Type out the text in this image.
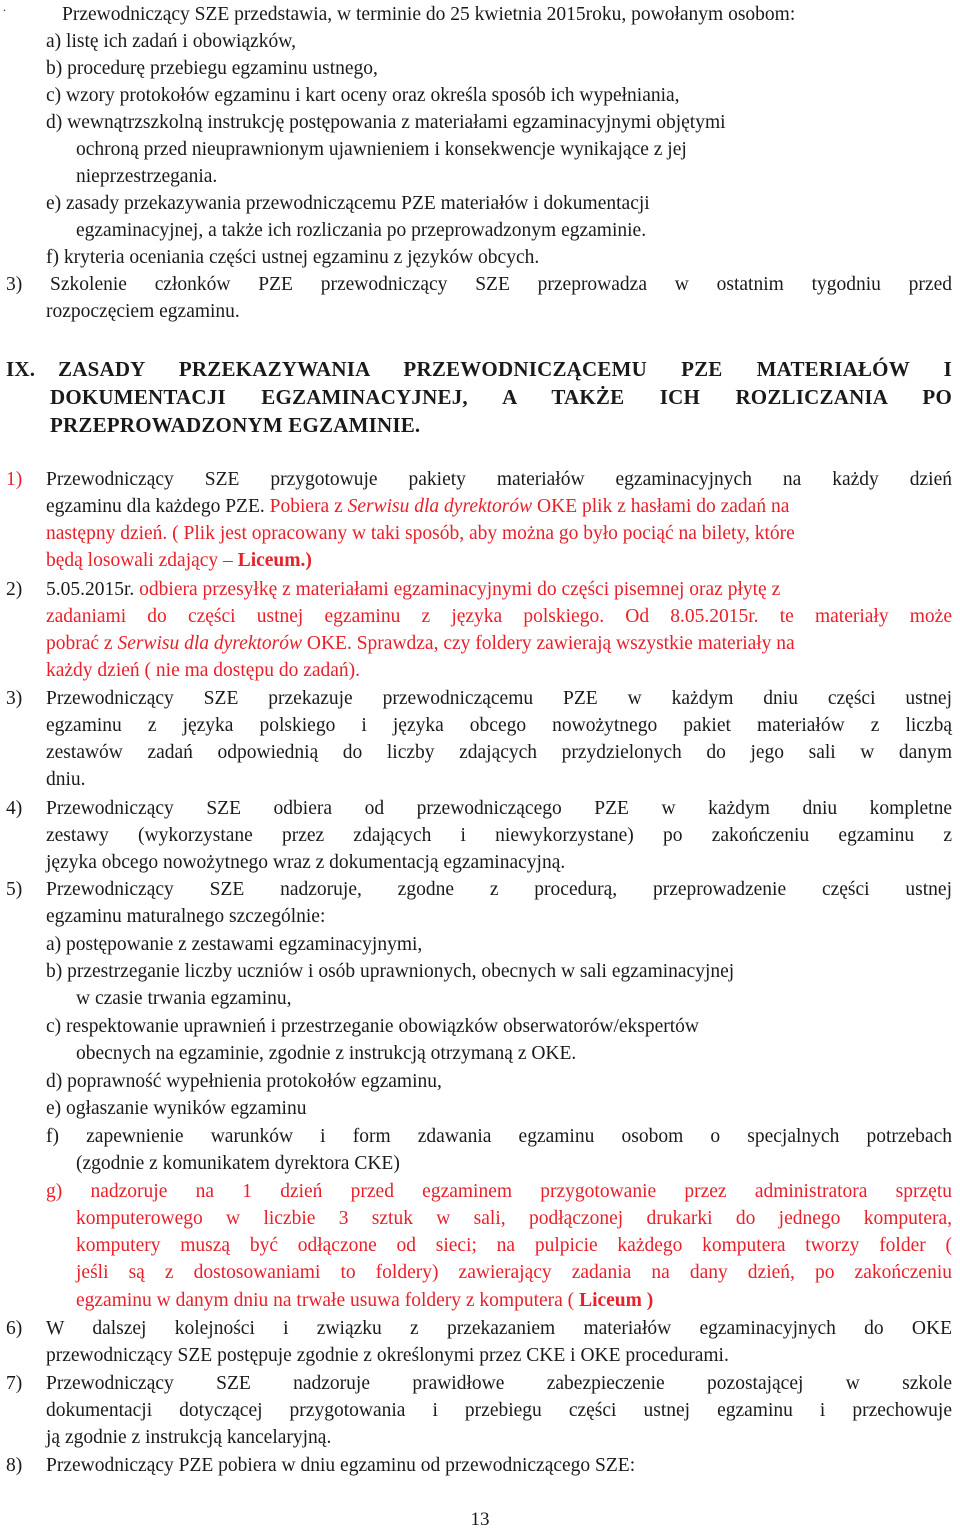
.	Przewodniczący SZE przedstawia, w terminie do 25 kwietnia 2015roku, powołanym osobom:

a) listę ich zadań i obowiązków,

b) procedurę przebiegu egzaminu ustnego,

c) wzory protokołów egzaminu i kart oceny oraz określa sposób ich wypełniania,

d) wewnątrzszkolną instrukcję postępowania z materiałami egzaminacyjnymi objętymi

ochroną przed nieuprawnionym ujawnieniem i konsekwencje wynikające z jej

nieprzestrzegania.

e) zasady przekazywania przewodniczącemu PZE materiałów i dokumentacji

egzaminacyjnej, a także ich rozliczania po przeprowadzonym egzaminie.

f) kryteria oceniania części ustnej egzaminu z języków obcych.

3) Szkolenie członków PZE przewodniczący SZE przeprowadza w ostatnim tygodniu przed

rozpoczęciem egzaminu.

IX. ZASADY PRZEKAZYWANIA PRZEWODNICZĄCEMU PZE MATERIAŁÓW I

DOKUMENTACJI EGZAMINACYJNEJ, A TAKŻE ICH ROZLICZANIA PO

PRZEPROWADZONYM EGZAMINIE.

1) Przewodniczący SZE przygotowuje pakiety materiałów egzaminacyjnych na każdy dzień

egzaminu dla każdego PZE. Pobiera z Serwisu dla dyrektorów OKE plik z hasłami do zadań na

następny dzień. ( Plik jest opracowany w taki sposób, aby można go było pociąć na bilety, które

będą losowali zdający – Liceum.)

2) 5.05.2015r. odbiera przesyłkę z materiałami egzaminacyjnymi do części pisemnej oraz płytę z

zadaniami do części ustnej egzaminu z języka polskiego. Od 8.05.2015r. te materiały może

pobrać z Serwisu dla dyrektorów OKE. Sprawdza, czy foldery zawierają wszystkie materiały na

każdy dzień ( nie ma dostępu do zadań).

3) Przewodniczący SZE przekazuje przewodniczącemu PZE w każdym dniu części ustnej

egzaminu z języka polskiego i języka obcego nowożytnego pakiet materiałów z liczbą

zestawów zadań odpowiednią do liczby zdających przydzielonych do jego sali w danym

dniu.

4) Przewodniczący SZE odbiera od przewodniczącego PZE w każdym dniu kompletne

zestawy (wykorzystane przez zdających i niewykorzystane) po zakończeniu egzaminu z

języka obcego nowożytnego wraz z dokumentacją egzaminacyjną.

5) Przewodniczący SZE nadzoruje, zgodne z procedurą, przeprowadzenie części ustnej

egzaminu maturalnego szczególnie:

a) postępowanie z zestawami egzaminacyjnymi,

b) przestrzeganie liczby uczniów i osób uprawnionych, obecnych w sali egzaminacyjnej

w czasie trwania egzaminu,

c) respektowanie uprawnień i przestrzeganie obowiązków obserwatorów/ekspertów

obecnych na egzaminie, zgodnie z instrukcją otrzymaną z OKE.

d) poprawność wypełnienia protokołów egzaminu,

e) ogłaszanie wyników egzaminu

f) zapewnienie warunków i form zdawania egzaminu osobom o specjalnych potrzebach

(zgodnie z komunikatem dyrektora CKE)

g) nadzoruje na 1 dzień przed egzaminem przygotowanie przez administratora sprzętu

komputerowego w liczbie 3 sztuk w sali, podłączonej drukarki do jednego komputera,

komputery muszą być odłączone od sieci; na pulpicie każdego komputera tworzy folder (

jeśli są z dostosowaniami to foldery) zawierający zadania na dany dzień, po zakończeniu

egzaminu w danym dniu na trwałe usuwa foldery z komputera ( Liceum )

6) W dalszej kolejności i związku z przekazaniem materiałów egzaminacyjnych do OKE

przewodniczący SZE postępuje zgodnie z określonymi przez CKE i OKE procedurami.

7) Przewodniczący SZE nadzoruje prawidłowe zabezpieczenie pozostającej w szkole

dokumentacji dotyczącej przygotowania i przebiegu części ustnej egzaminu i przechowuje

ją zgodnie z instrukcją kancelaryjną.

8) Przewodniczący PZE pobiera w dniu egzaminu od przewodniczącego SZE:

13
